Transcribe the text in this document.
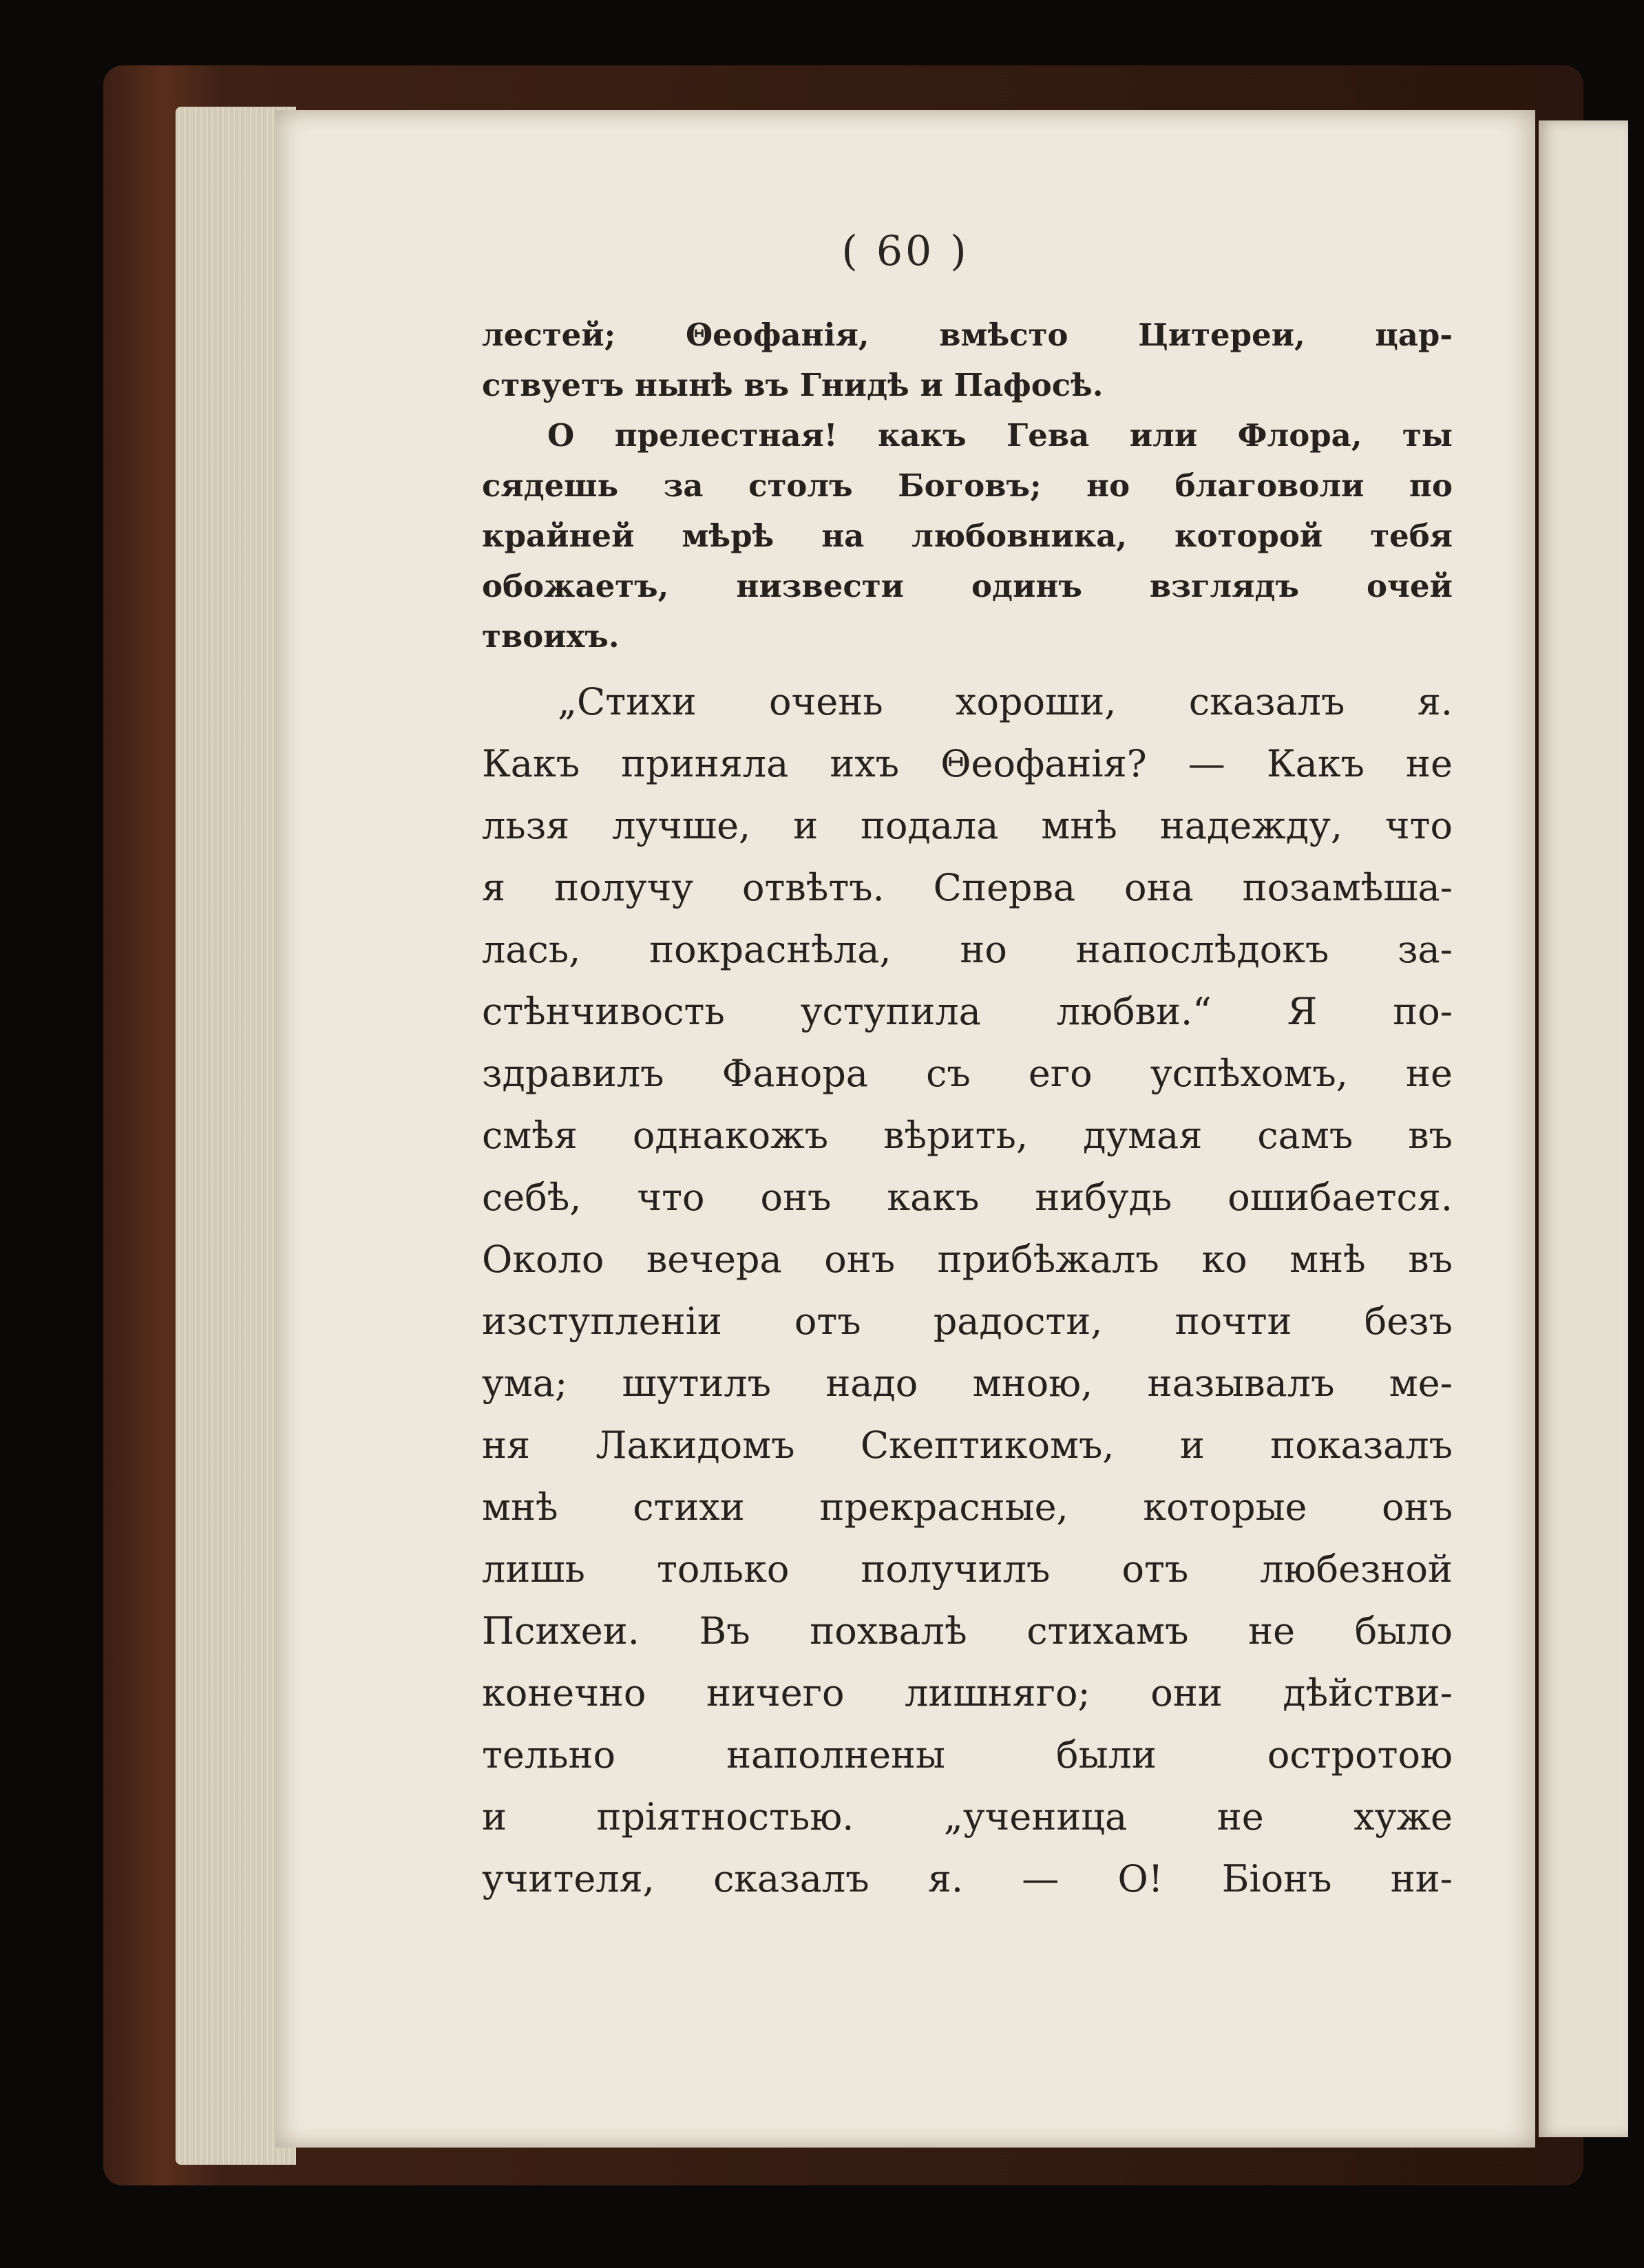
( 60 )
лестей; Θеофанія, вмѣсто Цитереи, цар-
ствуетъ нынѣ въ Гнидѣ и Пафосѣ.
О прелестная! какъ Гева или Флора, ты
сядешь за столъ Боговъ; но благоволи по
крайней мѣрѣ на любовника, которой тебя
обожаетъ, низвести одинъ взглядъ очей
твоихъ.
„Стихи очень хороши, сказалъ я.
Какъ приняла ихъ Θеофанія? — Какъ не
льзя лучше, и подала мнѣ надежду, что
я получу отвѣтъ. Сперва она позамѣша-
лась, покраснѣла, но напослѣдокъ за-
стѣнчивость уступила любви.“ Я по-
здравилъ Фанора съ его успѣхомъ, не
смѣя однакожъ вѣрить, думая самъ въ
себѣ, что онъ какъ нибудь ошибается.
Около вечера онъ прибѣжалъ ко мнѣ въ
изступленіи отъ радости, почти безъ
ума; шутилъ надо мною, называлъ ме-
ня Лакидомъ Скептикомъ, и показалъ
мнѣ стихи прекрасные, которые онъ
лишь только получилъ отъ любезной
Психеи. Въ похвалѣ стихамъ не было
конечно ничего лишняго; они дѣйстви-
тельно наполнены были остротою
и пріятностью. „ученица не хуже
учителя, сказалъ я. — О! Біонъ ни-
